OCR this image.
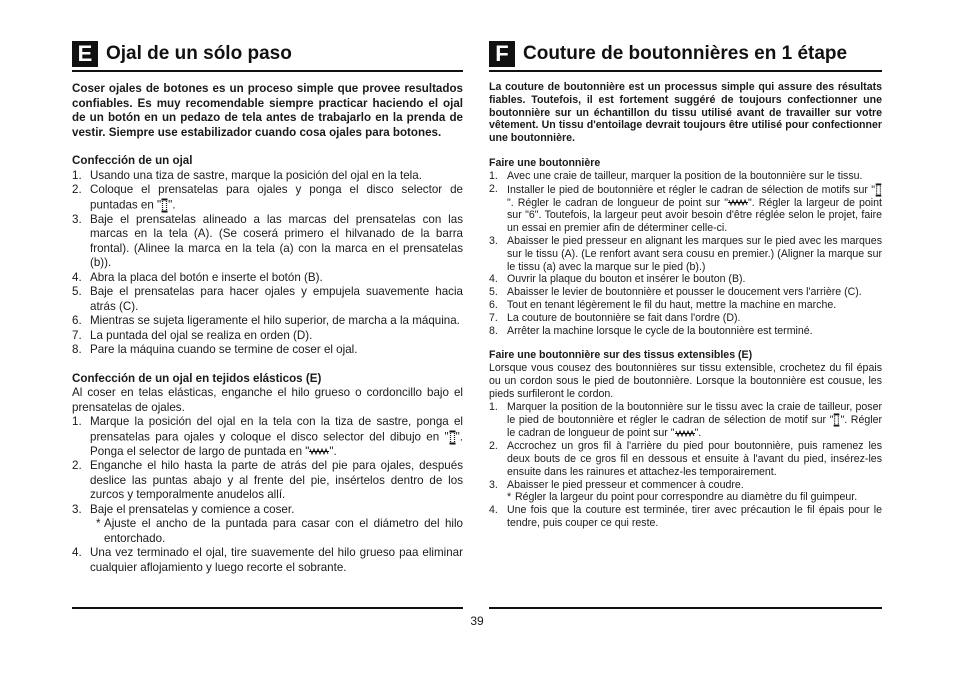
E Ojal de un sólo paso
Coser ojales de botones es un proceso simple que provee resultados confiables. Es muy recomendable siempre practicar haciendo el ojal de un botón en un pedazo de tela antes de trabajarlo en la prenda de vestir. Siempre use estabilizador cuando cosa ojales para botones.
Confección de un ojal
1. Usando una tiza de sastre, marque la posición del ojal en la tela.
2. Coloque el prensatelas para ojales y ponga el disco selector de puntadas en " ".
3. Baje el prensatelas alineado a las marcas del prensatelas con las marcas en la tela (A). (Se coserá primero el hilvanado de la barra frontal). (Alinee la marca en la tela (a) con la marca en el prensatelas (b)).
4. Abra la placa del botón e inserte el botón (B).
5. Baje el prensatelas para hacer ojales y empujela suavemente hacia atrás (C).
6. Mientras se sujeta ligeramente el hilo superior, de marcha a la máquina.
7. La puntada del ojal se realiza en orden (D).
8. Pare la máquina cuando se termine de coser el ojal.
Confección de un ojal en tejidos elásticos (E)
Al coser en telas elásticas, enganche el hilo grueso o cordoncillo bajo el prensatelas de ojales.
1. Marque la posición del ojal en la tela con la tiza de sastre, ponga el prensatelas para ojales y coloque el disco selector del dibujo en " ". Ponga el selector de largo de puntada en " ".
2. Enganche el hilo hasta la parte de atrás del pie para ojales, después deslice las puntas abajo y al frente del pie, insértelos dentro de los zurcos y temporalmente anudelos allí.
3. Baje el prensatelas y comience a coser.
* Ajuste el ancho de la puntada para casar con el diámetro del hilo entorchado.
4. Una vez terminado el ojal, tire suavemente del hilo grueso paa eliminar cualquier aflojamiento y luego recorte el sobrante.
F Couture de boutonnières en 1 étape
La couture de boutonnière est un processus simple qui assure des résultats fiables. Toutefois, il est fortement suggéré de toujours confectionner une boutonnière sur un échantillon du tissu utilisé avant de travailler sur votre vêtement. Un tissu d'entoilage devrait toujours être utilisé pour confectionner une boutonnière.
Faire une boutonnière
1. Avec une craie de tailleur, marquer la position de la boutonnière sur le tissu.
2. Installer le pied de boutonnière et régler le cadran de sélection de motifs sur "". Régler le cadran de longueur de point sur " ". Régler la largeur de point sur "6". Toutefois, la largeur peut avoir besoin d'être réglée selon le projet, faire un essai en premier afin de déterminer celle-ci.
3. Abaisser le pied presseur en alignant les marques sur le pied avec les marques sur le tissu (A). (Le renfort avant sera cousu en premier.) (Aligner la marque sur le tissu (a) avec la marque sur le pied (b).)
4. Ouvrir la plaque du bouton et insérer le bouton (B).
5. Abaisser le levier de boutonnière et pousser le doucement vers l'arrière (C).
6. Tout en tenant légèrement le fil du haut, mettre la machine en marche.
7. La couture de boutonnière se fait dans l'ordre (D).
8. Arrêter la machine lorsque le cycle de la boutonnière est terminé.
Faire une boutonnière sur des tissus extensibles (E)
Lorsque vous cousez des boutonnières sur tissu extensible, crochetez du fil épais ou un cordon sous le pied de boutonnière. Lorsque la boutonnière est cousue, les pieds surfileront le cordon.
1. Marquer la position de la boutonnière sur le tissu avec la craie de tailleur, poser le pied de boutonnière et régler le cadran de sélection de motif sur " ". Régler le cadran de longueur de point sur " ".
2. Accrochez un gros fil à l'arrière du pied pour boutonnière, puis ramenez les deux bouts de ce gros fil en dessous et ensuite à l'avant du pied, insérez-les ensuite dans les rainures et attachez-les temporairement.
3. Abaisser le pied presseur et commencer à coudre.
* Régler la largeur du point pour correspondre au diamètre du fil guimpeur.
4. Une fois que la couture est terminée, tirer avec précaution le fil épais pour le tendre, puis couper ce qui reste.
39
